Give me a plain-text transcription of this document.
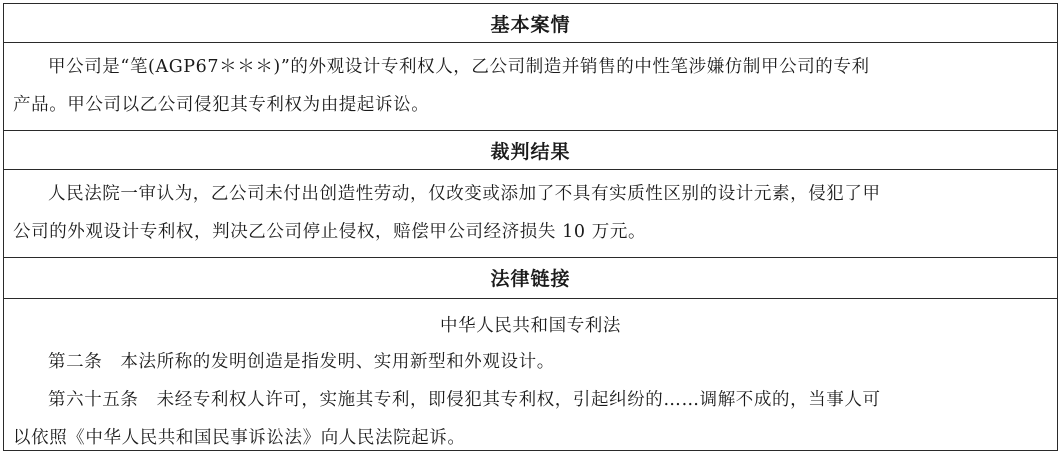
基本案情
甲公司是“笔(AGP67＊＊＊)”的外观设计专利权人，乙公司制造并销售的中性笔涉嫌仿制甲公司的专利
产品。甲公司以乙公司侵犯其专利权为由提起诉讼。
裁判结果
人民法院一审认为，乙公司未付出创造性劳动，仅改变或添加了不具有实质性区别的设计元素，侵犯了甲
公司的外观设计专利权，判决乙公司停止侵权，赔偿甲公司经济损失 10 万元。
法律链接
中华人民共和国专利法
第二条　本法所称的发明创造是指发明、实用新型和外观设计。
第六十五条　未经专利权人许可，实施其专利，即侵犯其专利权，引起纠纷的……调解不成的，当事人可
以依照《中华人民共和国民事诉讼法》向人民法院起诉。
